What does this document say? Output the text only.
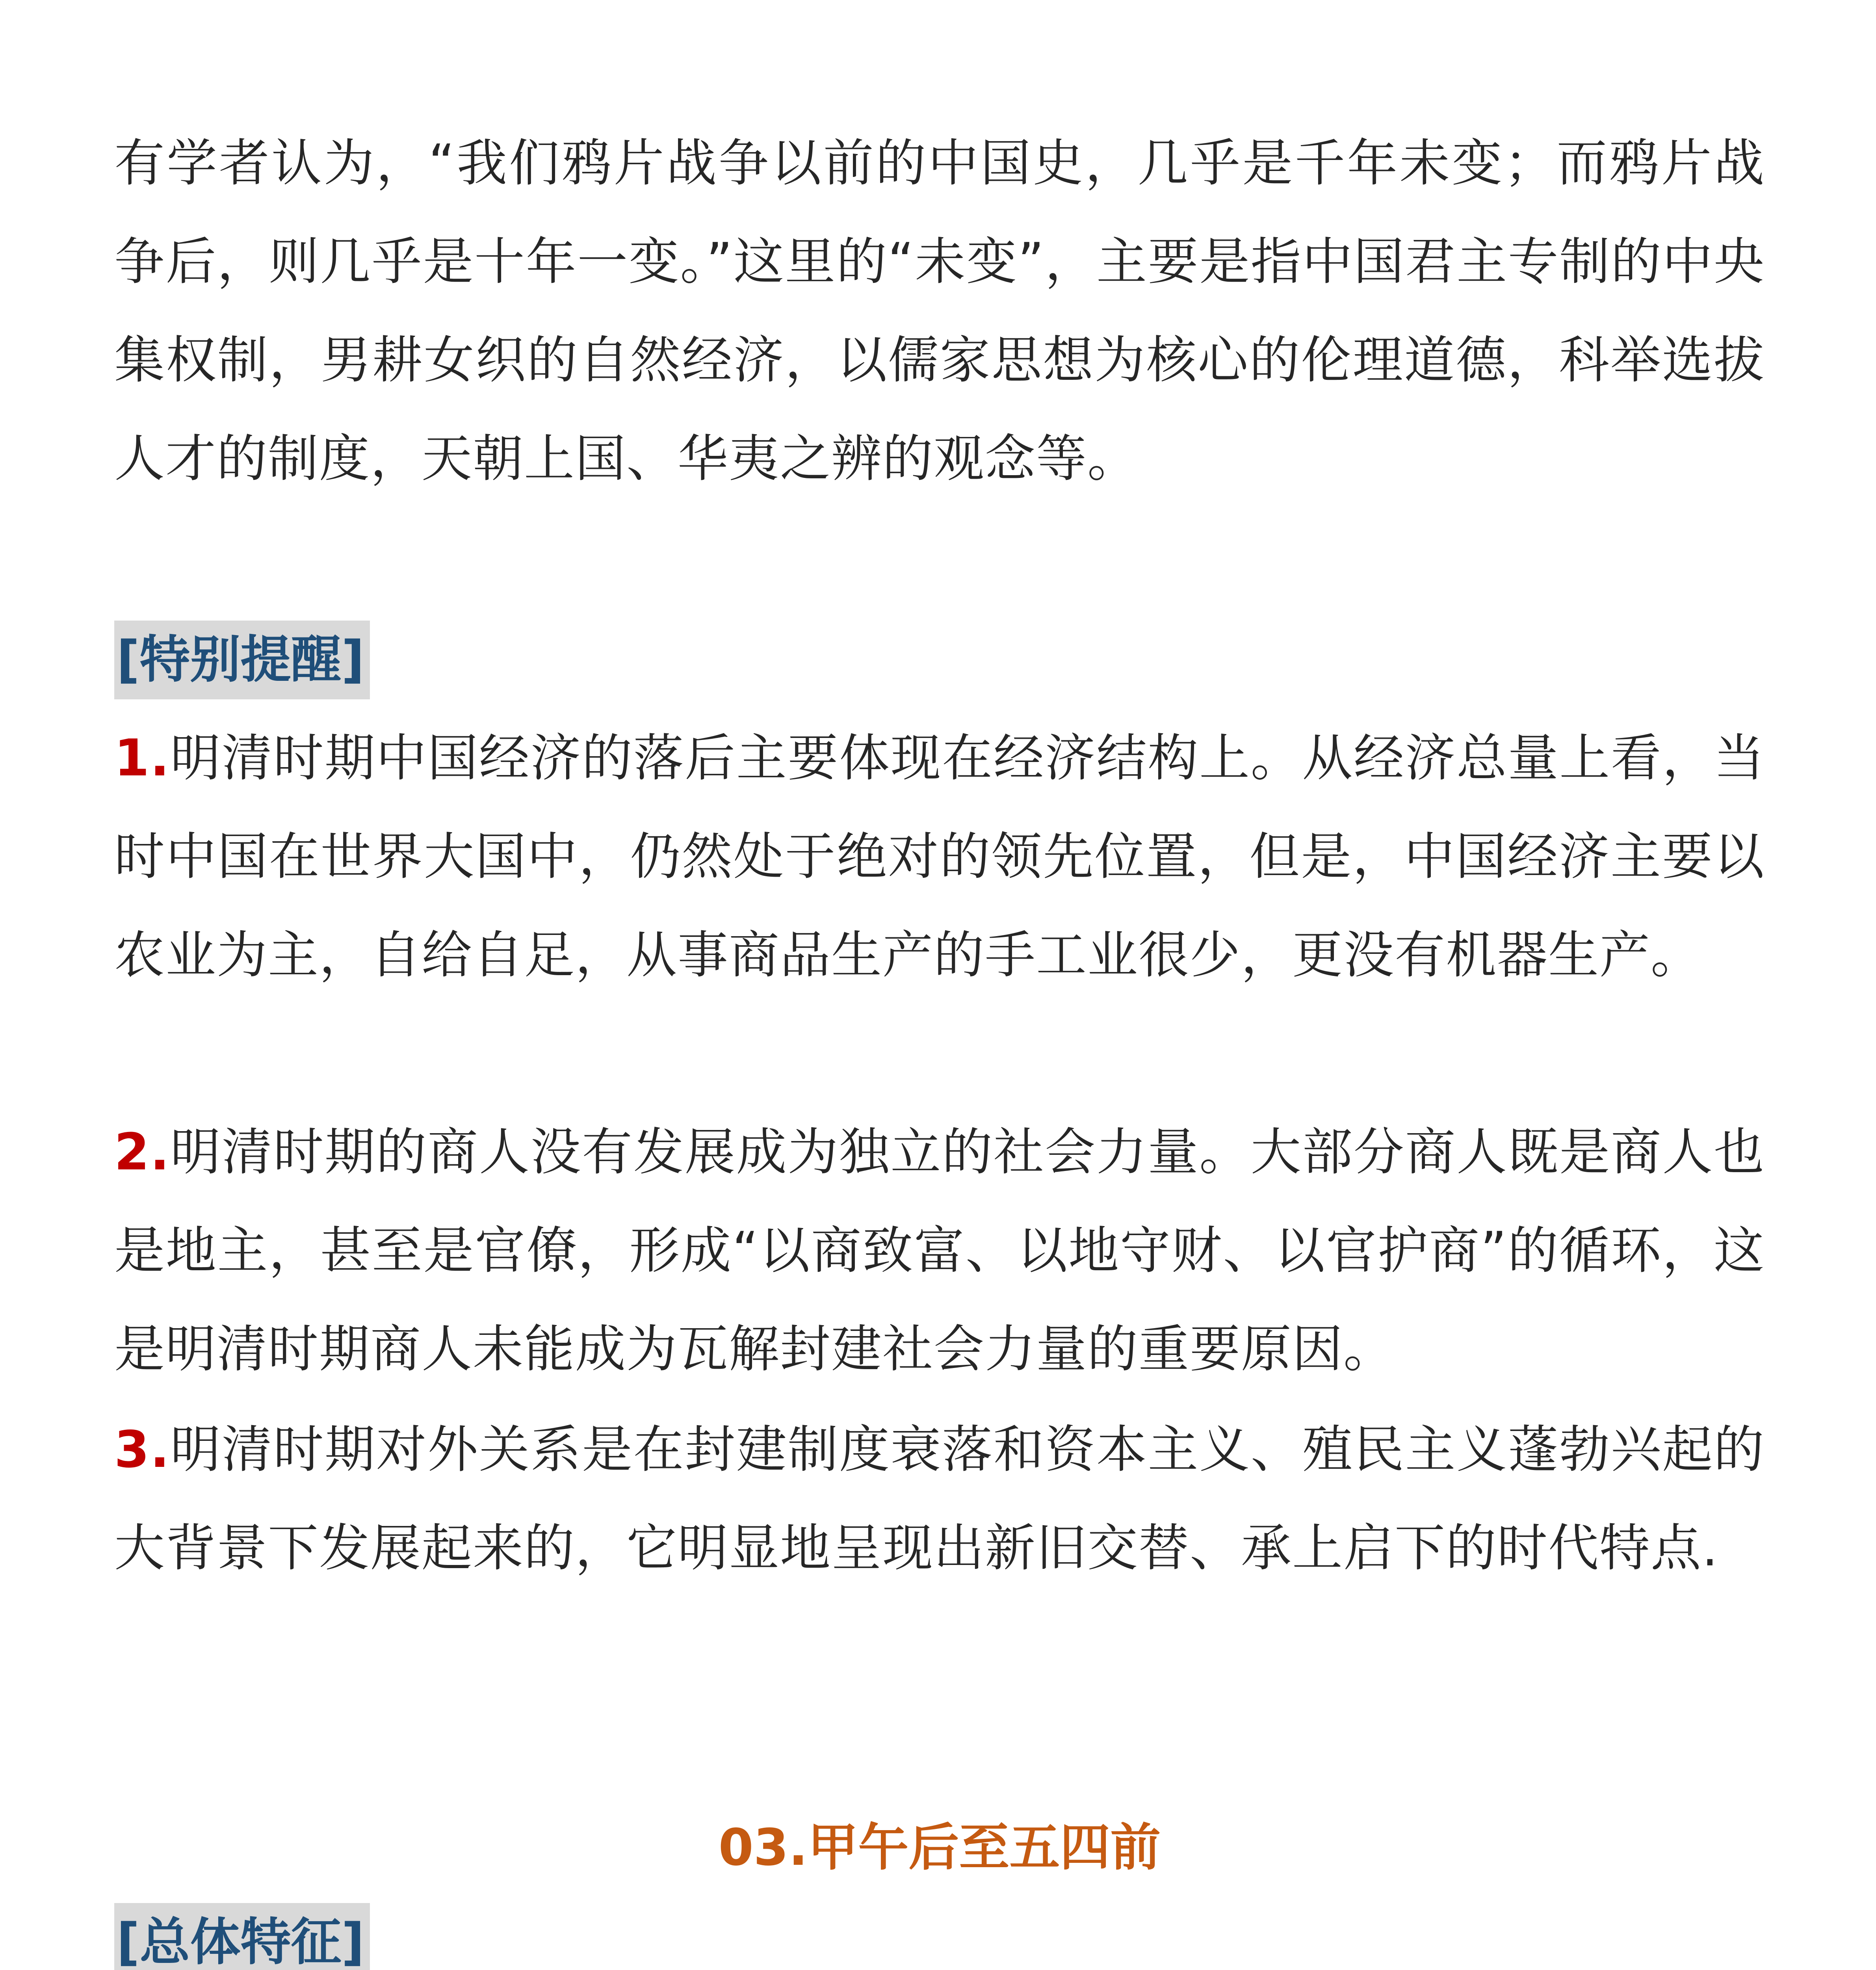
有学者认为，“我们鸦片战争以前的中国史，几乎是千年未变；而鸦片战争后，则几乎是十年一变。”这里的“未变”，主要是指中国君主专制的中央集权制，男耕女织的自然经济，以儒家思想为核心的伦理道德，科举选拔人才的制度，天朝上国、华夷之辨的观念等。

[特别提醒]

1.明清时期中国经济的落后主要体现在经济结构上。从经济总量上看，当时中国在世界大国中，仍然处于绝对的领先位置，但是，中国经济主要以农业为主，自给自足，从事商品生产的手工业很少，更没有机器生产。

2.明清时期的商人没有发展成为独立的社会力量。大部分商人既是商人也是地主，甚至是官僚，形成“以商致富、以地守财、以官护商”的循环，这是明清时期商人未能成为瓦解封建社会力量的重要原因。

3.明清时期对外关系是在封建制度衰落和资本主义、殖民主义蓬勃兴起的大背景下发展起来的，它明显地呈现出新旧交替、承上启下的时代特点.

03.甲午后至五四前
[总体特征]
